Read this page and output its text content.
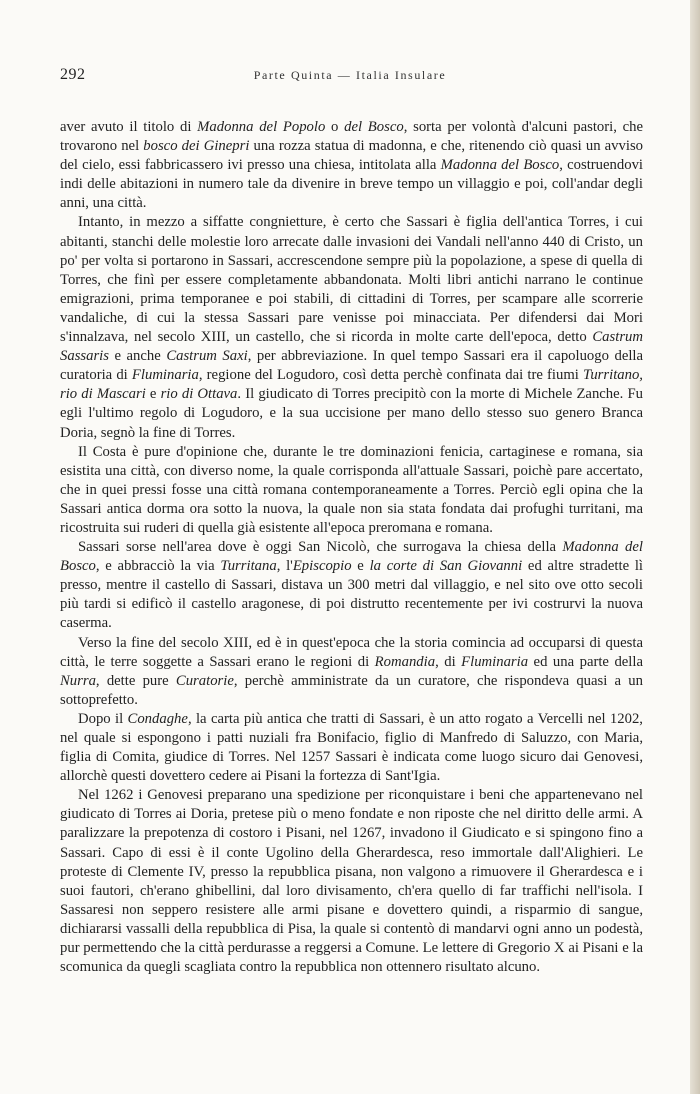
292	Parte Quinta — Italia Insulare

aver avuto il titolo di Madonna del Popolo o del Bosco, sorta per volontà d'alcuni pastori, che trovarono nel bosco dei Ginepri una rozza statua di madonna, e che, ritenendo ciò quasi un avviso del cielo, essi fabbricassero ivi presso una chiesa, intitolata alla Madonna del Bosco, costruendovi indi delle abitazioni in numero tale da divenire in breve tempo un villaggio e poi, coll'andar degli anni, una città.

Intanto, in mezzo a siffatte congnietture, è certo che Sassari è figlia dell'antica Torres, i cui abitanti, stanchi delle molestie loro arrecate dalle invasioni dei Vandali nell'anno 440 di Cristo, un po' per volta si portarono in Sassari, accrescendone sempre più la popolazione, a spese di quella di Torres, che finì per essere completamente abbandonata. Molti libri antichi narrano le continue emigrazioni, prima temporanee e poi stabili, di cittadini di Torres, per scampare alle scorrerie vandaliche, di cui la stessa Sassari pare venisse poi minacciata. Per difendersi dai Mori s'innalzava, nel secolo XIII, un castello, che si ricorda in molte carte dell'epoca, detto Castrum Sassaris e anche Castrum Saxi, per abbreviazione. In quel tempo Sassari era il capoluogo della curatoria di Fluminaria, regione del Logudoro, così detta perchè confinata dai tre fiumi Turritano, rio di Mascari e rio di Ottava. Il giudicato di Torres precipitò con la morte di Michele Zanche. Fu egli l'ultimo regolo di Logudoro, e la sua uccisione per mano dello stesso suo genero Branca Doria, segnò la fine di Torres.

Il Costa è pure d'opinione che, durante le tre dominazioni fenicia, cartaginese e romana, sia esistita una città, con diverso nome, la quale corrisponda all'attuale Sassari, poichè pare accertato, che in quei pressi fosse una città romana contemporaneamente a Torres. Perciò egli opina che la Sassari antica dorma ora sotto la nuova, la quale non sia stata fondata dai profughi turritani, ma ricostruita sui ruderi di quella già esistente all'epoca preromana e romana.

Sassari sorse nell'area dove è oggi San Nicolò, che surrogava la chiesa della Madonna del Bosco, e abbracciò la via Turritana, l'Episcopio e la corte di San Giovanni ed altre stradette lì presso, mentre il castello di Sassari, distava un 300 metri dal villaggio, e nel sito ove otto secoli più tardi si edificò il castello aragonese, di poi distrutto recentemente per ivi costrurvi la nuova caserma.

Verso la fine del secolo XIII, ed è in quest'epoca che la storia comincia ad occuparsi di questa città, le terre soggette a Sassari erano le regioni di Romandia, di Fluminaria ed una parte della Nurra, dette pure Curatorie, perchè amministrate da un curatore, che rispondeva quasi a un sottoprefetto.

Dopo il Condaghe, la carta più antica che tratti di Sassari, è un atto rogato a Vercelli nel 1202, nel quale si espongono i patti nuziali fra Bonifacio, figlio di Manfredo di Saluzzo, con Maria, figlia di Comita, giudice di Torres. Nel 1257 Sassari è indicata come luogo sicuro dai Genovesi, allorchè questi dovettero cedere ai Pisani la fortezza di Sant'Igia.

Nel 1262 i Genovesi preparano una spedizione per riconquistare i beni che appartenevano nel giudicato di Torres ai Doria, pretese più o meno fondate e non riposte che nel diritto delle armi. A paralizzare la prepotenza di costoro i Pisani, nel 1267, invadono il Giudicato e si spingono fino a Sassari. Capo di essi è il conte Ugolino della Gherardesca, reso immortale dall'Alighieri. Le proteste di Clemente IV, presso la repubblica pisana, non valgono a rimuovere il Gherardesca e i suoi fautori, ch'erano ghibellini, dal loro divisamento, ch'era quello di far traffichi nell'isola. I Sassaresi non seppero resistere alle armi pisane e dovettero quindi, a risparmio di sangue, dichiararsi vassalli della repubblica di Pisa, la quale si contentò di mandarvi ogni anno un podestà, pur permettendo che la città perdurasse a reggersi a Comune. Le lettere di Gregorio X ai Pisani e la scomunica da quegli scagliata contro la repubblica non ottennero risultato alcuno.
